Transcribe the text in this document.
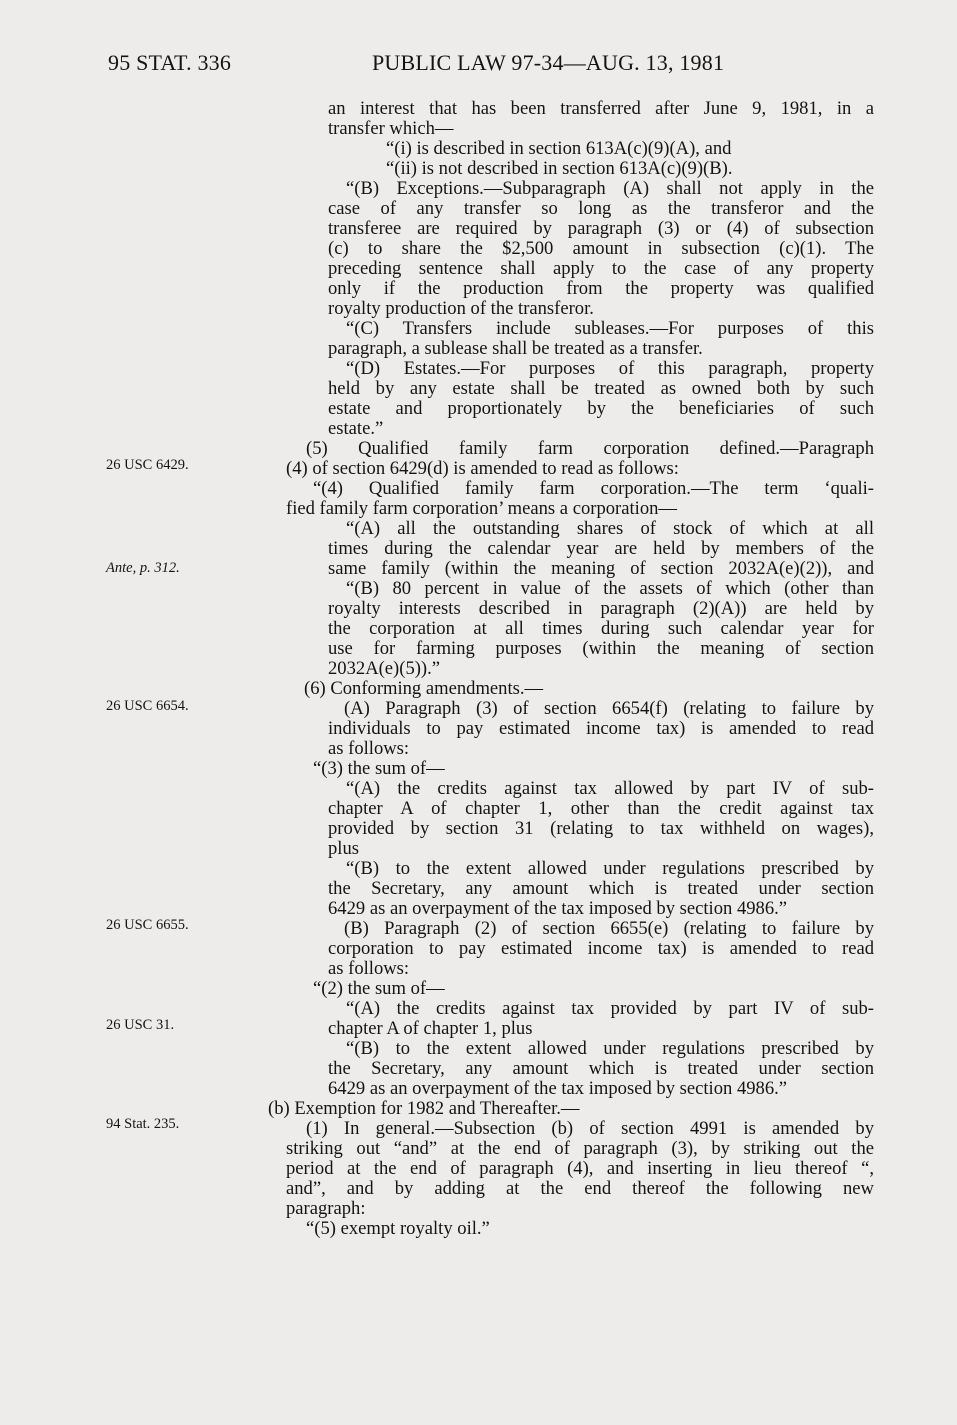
95 STAT. 336	PUBLIC LAW 97-34—AUG. 13, 1981
26 USC 6429.
Ante, p. 312.
26 USC 6654.
26 USC 6655.
26 USC 31.
94 Stat. 235.
an interest that has been transferred after June 9, 1981, in a
transfer which—
“(i) is described in section 613A(c)(9)(A), and
“(ii) is not described in section 613A(c)(9)(B).
“(B) Exceptions.—Subparagraph (A) shall not apply in the
case of any transfer so long as the transferor and the
transferee are required by paragraph (3) or (4) of subsection
(c) to share the $2,500 amount in subsection (c)(1). The
preceding sentence shall apply to the case of any property
only if the production from the property was qualified
royalty production of the transferor.
“(C) Transfers include subleases.—For purposes of this
paragraph, a sublease shall be treated as a transfer.
“(D) Estates.—For purposes of this paragraph, property
held by any estate shall be treated as owned both by such
estate and proportionately by the beneficiaries of such
estate.”
(5) Qualified family farm corporation defined.—Paragraph
(4) of section 6429(d) is amended to read as follows:
“(4) Qualified family farm corporation.—The term ‘quali-
fied family farm corporation’ means a corporation—
“(A) all the outstanding shares of stock of which at all
times during the calendar year are held by members of the
same family (within the meaning of section 2032A(e)(2)), and
“(B) 80 percent in value of the assets of which (other than
royalty interests described in paragraph (2)(A)) are held by
the corporation at all times during such calendar year for
use for farming purposes (within the meaning of section
2032A(e)(5)).”
(6) Conforming amendments.—
(A) Paragraph (3) of section 6654(f) (relating to failure by
individuals to pay estimated income tax) is amended to read
as follows:
“(3) the sum of—
“(A) the credits against tax allowed by part IV of sub-
chapter A of chapter 1, other than the credit against tax
provided by section 31 (relating to tax withheld on wages),
plus
“(B) to the extent allowed under regulations prescribed by
the Secretary, any amount which is treated under section
6429 as an overpayment of the tax imposed by section 4986.”
(B) Paragraph (2) of section 6655(e) (relating to failure by
corporation to pay estimated income tax) is amended to read
as follows:
“(2) the sum of—
“(A) the credits against tax provided by part IV of sub-
chapter A of chapter 1, plus
“(B) to the extent allowed under regulations prescribed by
the Secretary, any amount which is treated under section
6429 as an overpayment of the tax imposed by section 4986.”
(b) Exemption for 1982 and Thereafter.—
(1) In general.—Subsection (b) of section 4991 is amended by
striking out “and” at the end of paragraph (3), by striking out the
period at the end of paragraph (4), and inserting in lieu thereof “,
and”, and by adding at the end thereof the following new
paragraph:
“(5) exempt royalty oil.”
